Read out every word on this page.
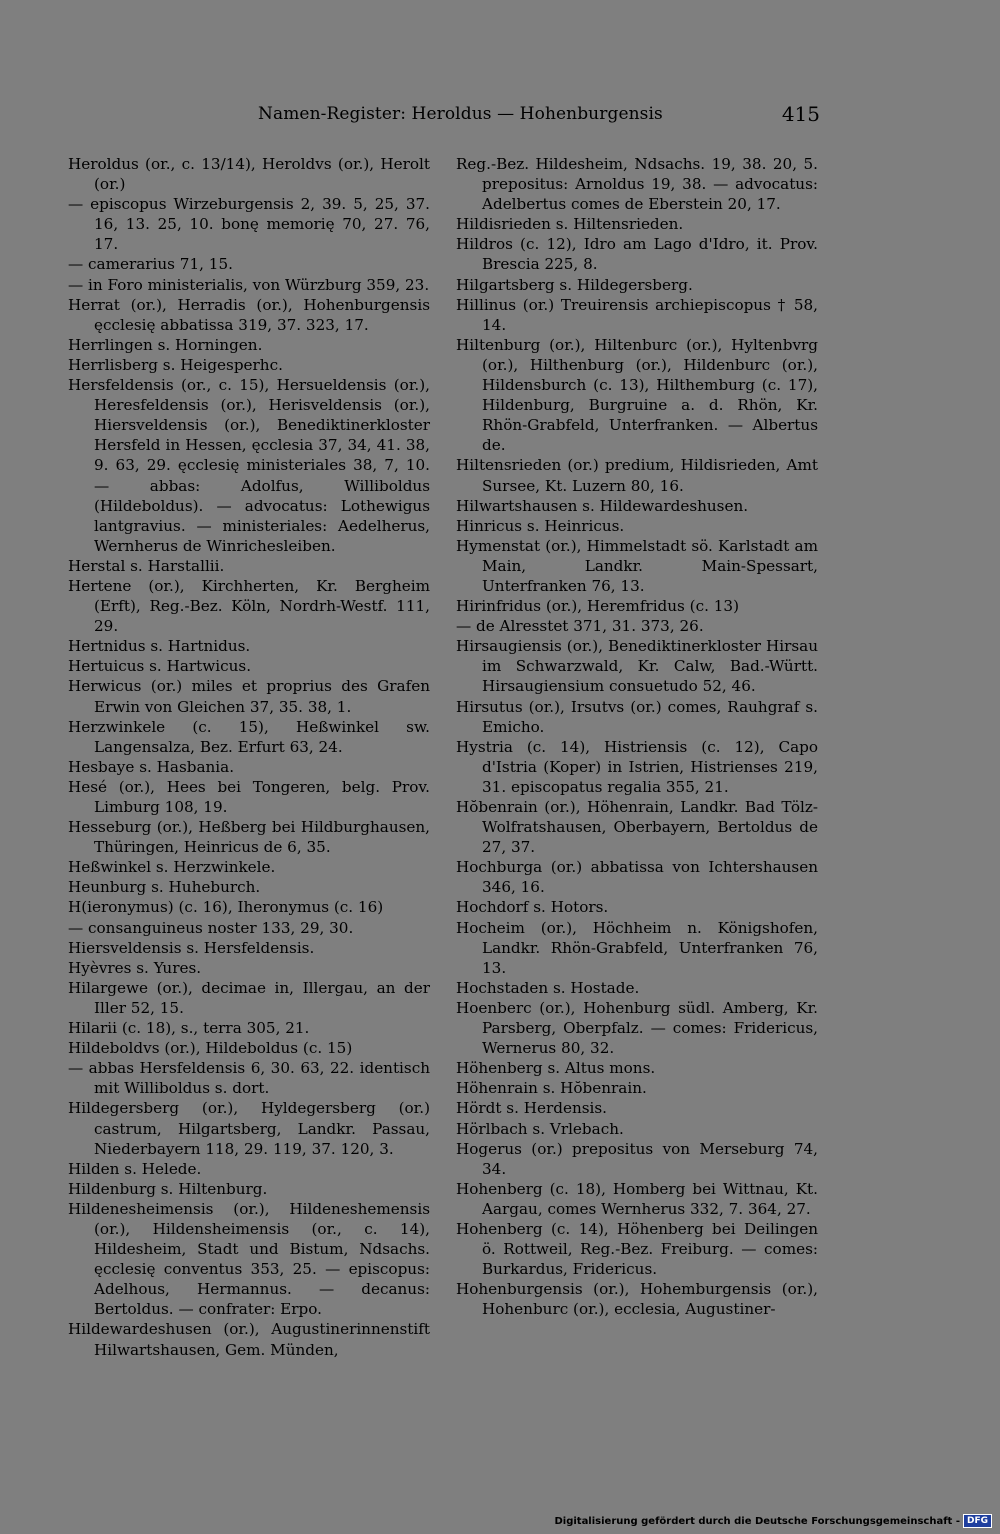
Namen-Register: Heroldus — Hohenburgensis	415
Heroldus (or., c. 13/14), Heroldvs (or.), Herolt (or.)
— episcopus Wirzeburgensis 2, 39. 5, 25, 37. 16, 13. 25, 10. bonę memorię 70, 27. 76, 17.
— camerarius 71, 15.
— in Foro ministerialis, von Würzburg 359, 23.
Herrat (or.), Herradis (or.), Hohenburgensis ęcclesię abbatissa 319, 37. 323, 17.
Herrlingen s. Horningen.
Herrlisberg s. Heigesperhc.
Hersfeldensis (or., c. 15), Hersueldensis (or.), Heresfeldensis (or.), Herisveldensis (or.), Hiersveldensis (or.), Benediktinerkloster Hersfeld in Hessen, ęcclesia 37, 34, 41. 38, 9. 63, 29. ęcclesię ministeriales 38, 7, 10. — abbas: Adolfus, Williboldus (Hildeboldus). — advocatus: Lothewigus lantgravius. — ministeriales: Aedelherus, Wernherus de Winrichesleiben.
Herstal s. Harstallii.
Hertene (or.), Kirchherten, Kr. Bergheim (Erft), Reg.-Bez. Köln, Nordrh-Westf. 111, 29.
Hertnidus s. Hartnidus.
Hertuicus s. Hartwicus.
Herwicus (or.) miles et proprius des Grafen Erwin von Gleichen 37, 35. 38, 1.
Herzwinkele (c. 15), Heßwinkel sw. Langensalza, Bez. Erfurt 63, 24.
Hesbaye s. Hasbania.
Hesé (or.), Hees bei Tongeren, belg. Prov. Limburg 108, 19.
Hesseburg (or.), Heßberg bei Hildburghausen, Thüringen, Heinricus de 6, 35.
Heßwinkel s. Herzwinkele.
Heunburg s. Huheburch.
H(ieronymus) (c. 16), Iheronymus (c. 16)
— consanguineus noster 133, 29, 30.
Hiersveldensis s. Hersfeldensis.
Hyèvres s. Yures.
Hilargewe (or.), decimae in, Illergau, an der Iller 52, 15.
Hilarii (c. 18), s., terra 305, 21.
Hildeboldvs (or.), Hildeboldus (c. 15)
— abbas Hersfeldensis 6, 30. 63, 22. identisch mit Williboldus s. dort.
Hildegersberg (or.), Hyldegersberg (or.) castrum, Hilgartsberg, Landkr. Passau, Niederbayern 118, 29. 119, 37. 120, 3.
Hilden s. Helede.
Hildenburg s. Hiltenburg.
Hildenesheimensis (or.), Hildeneshemensis (or.), Hildensheimensis (or., c. 14), Hildesheim, Stadt und Bistum, Ndsachs. ęcclesię conventus 353, 25. — episcopus: Adelhous, Hermannus. — decanus: Bertoldus. — confrater: Erpo.
Hildewardeshusen (or.), Augustinerinnenstift Hilwartshausen, Gem. Münden,
Reg.-Bez. Hildesheim, Ndsachs. 19, 38. 20, 5. prepositus: Arnoldus 19, 38. — advocatus: Adelbertus comes de Eberstein 20, 17.
Hildisrieden s. Hiltensrieden.
Hildros (c. 12), Idro am Lago d'Idro, it. Prov. Brescia 225, 8.
Hilgartsberg s. Hildegersberg.
Hillinus (or.) Treuirensis archiepiscopus † 58, 14.
Hiltenburg (or.), Hiltenburc (or.), Hyltenbvrg (or.), Hilthenburg (or.), Hildenburc (or.), Hildensburch (c. 13), Hilthemburg (c. 17), Hildenburg, Burgruine a. d. Rhön, Kr. Rhön-Grabfeld, Unterfranken. — Albertus de.
Hiltensrieden (or.) predium, Hildisrieden, Amt Sursee, Kt. Luzern 80, 16.
Hilwartshausen s. Hildewardeshusen.
Hinricus s. Heinricus.
Hymenstat (or.), Himmelstadt sö. Karlstadt am Main, Landkr. Main-Spessart, Unterfranken 76, 13.
Hirinfridus (or.), Heremfridus (c. 13)
— de Alresstet 371, 31. 373, 26.
Hirsaugiensis (or.), Benediktinerkloster Hirsau im Schwarzwald, Kr. Calw, Bad.-Württ. Hirsaugiensium consuetudo 52, 46.
Hirsutus (or.), Irsutvs (or.) comes, Rauhgraf s. Emicho.
Hystria (c. 14), Histriensis (c. 12), Capo d'Istria (Koper) in Istrien, Histrienses 219, 31. episcopatus regalia 355, 21.
Hŏbenrain (or.), Höhenrain, Landkr. Bad Tölz-Wolfratshausen, Oberbayern, Bertoldus de 27, 37.
Hochburga (or.) abbatissa von Ichtershausen 346, 16.
Hochdorf s. Hotors.
Hocheim (or.), Höchheim n. Königshofen, Landkr. Rhön-Grabfeld, Unterfranken 76, 13.
Hochstaden s. Hostade.
Hoenberc (or.), Hohenburg südl. Amberg, Kr. Parsberg, Oberpfalz. — comes: Fridericus, Wernerus 80, 32.
Höhenberg s. Altus mons.
Höhenrain s. Hŏbenrain.
Hördt s. Herdensis.
Hörlbach s. Vrlebach.
Hogerus (or.) prepositus von Merseburg 74, 34.
Hohenberg (c. 18), Homberg bei Wittnau, Kt. Aargau, comes Wernherus 332, 7. 364, 27.
Hohenberg (c. 14), Höhenberg bei Deilingen ö. Rottweil, Reg.-Bez. Freiburg. — comes: Burkardus, Fridericus.
Hohenburgensis (or.), Hohemburgensis (or.), Hohenburc (or.), ecclesia, Augustiner-
Digitalisierung gefördert durch die Deutsche Forschungsgemeinschaft - DFG
